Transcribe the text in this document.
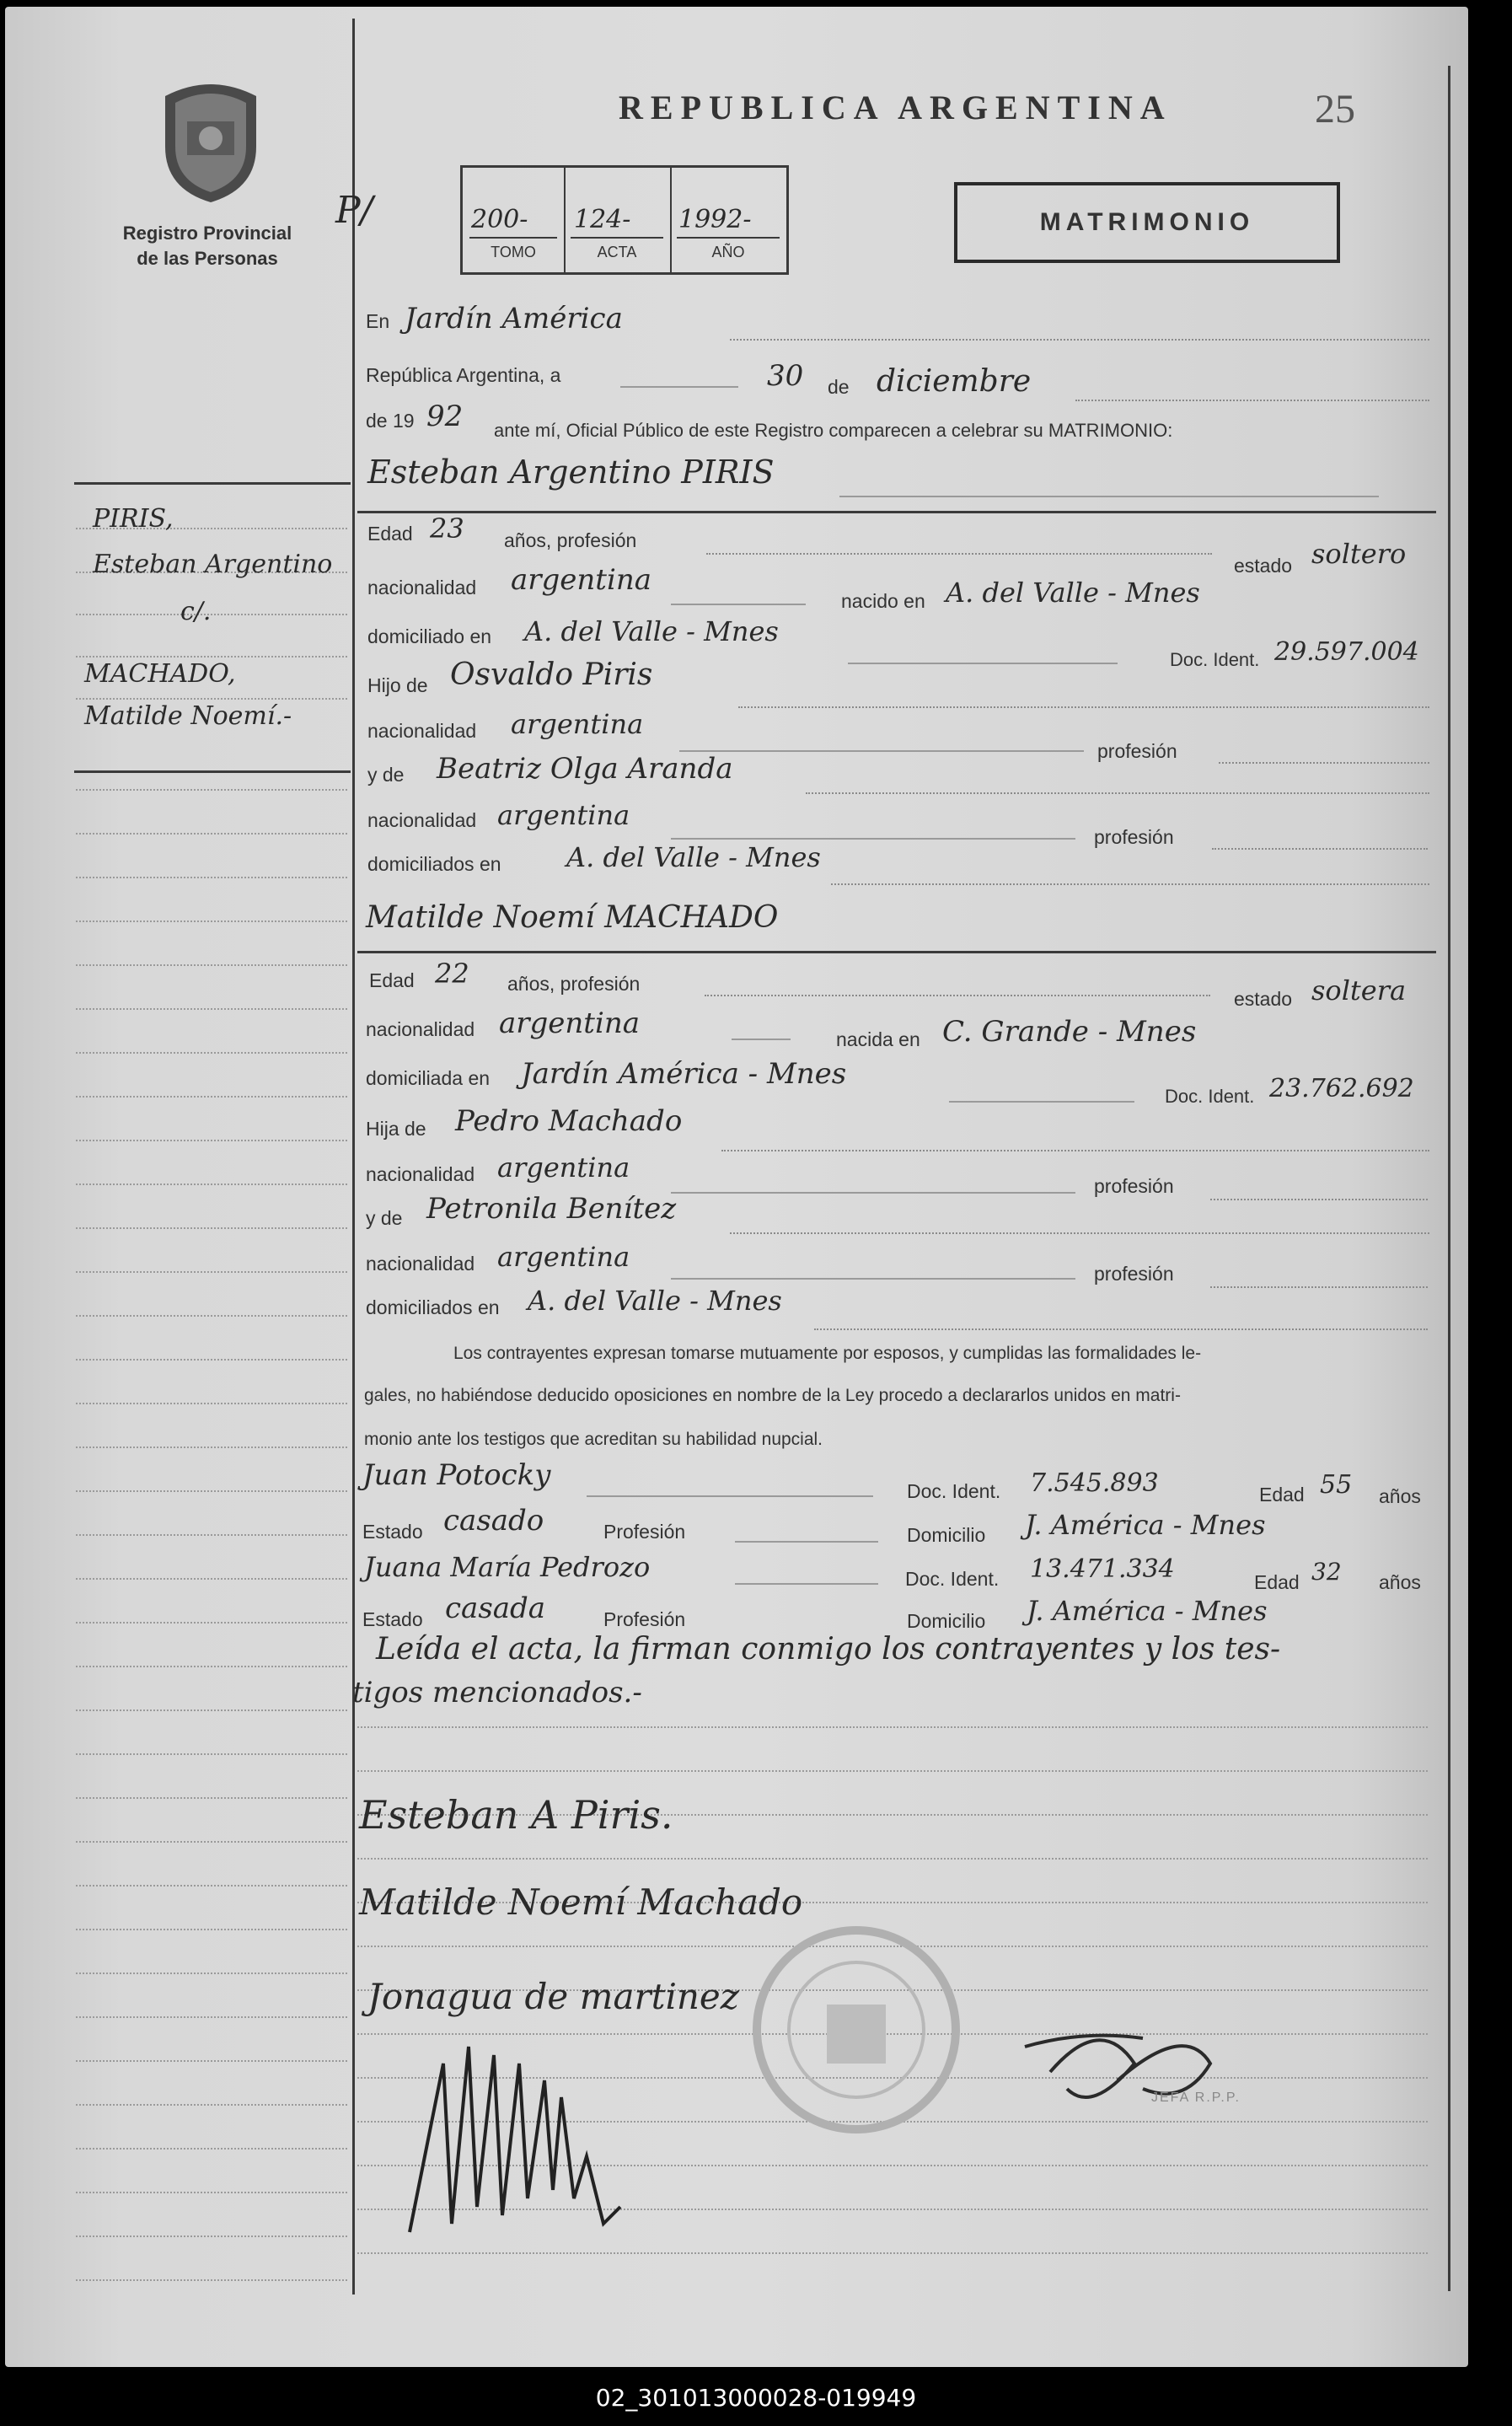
Registro Provincial
de las Personas
P/
REPUBLICA ARGENTINA	25
200-
TOMO
124-
ACTA
1992-
AÑO
MATRIMONIO
PIRIS,
Esteban Argentino
c/.
MACHADO,
Matilde Noemí.-
En Jardín América
República Argentina, a	30 de diciembre
de 19 92 ante mí, Oficial Público de este Registro comparecen a celebrar su MATRIMONIO:
Esteban Argentino PIRIS
Edad 23 años, profesión
estado soltero
nacionalidad argentina
nacido en A. del Valle - Mnes
domiciliado en A. del Valle - Mnes
Doc. Ident. 29.597.004
Hijo de Osvaldo Piris
nacionalidad argentina
profesión
y de Beatriz Olga Aranda
nacionalidad argentina
profesión
domiciliados en A. del Valle - Mnes
Matilde Noemí MACHADO
Edad 22 años, profesión
estado soltera
nacionalidad argentina	nacida en C. Grande - Mnes
domiciliada en Jardín América - Mnes
Doc. Ident. 23.762.692
Hija de Pedro Machado
nacionalidad argentina
profesión
y de Petronila Benítez
nacionalidad argentina
profesión
domiciliados en A. del Valle - Mnes
Los contrayentes expresan tomarse mutuamente por esposos, y cumplidas las formalidades le-
gales, no habiéndose deducido oposiciones en nombre de la Ley procedo a declararlos unidos en matri-
monio ante los testigos que acreditan su habilidad nupcial.
Juan Potocky	Doc. Ident. 7.545.893	Edad 55 años
Estado casado	Profesión	Domicilio J. América - Mnes
Juana María Pedrozo	Doc. Ident. 13.471.334	Edad 32 años
Estado casada	Profesión	Domicilio J. América - Mnes
Leída el acta, la firman conmigo los contrayentes y los tes-
tigos mencionados.-
Esteban A Piris.
Matilde Noemí Machado
Jonagua de martinez
JEFA R.P.P.
02_301013000028-019949
